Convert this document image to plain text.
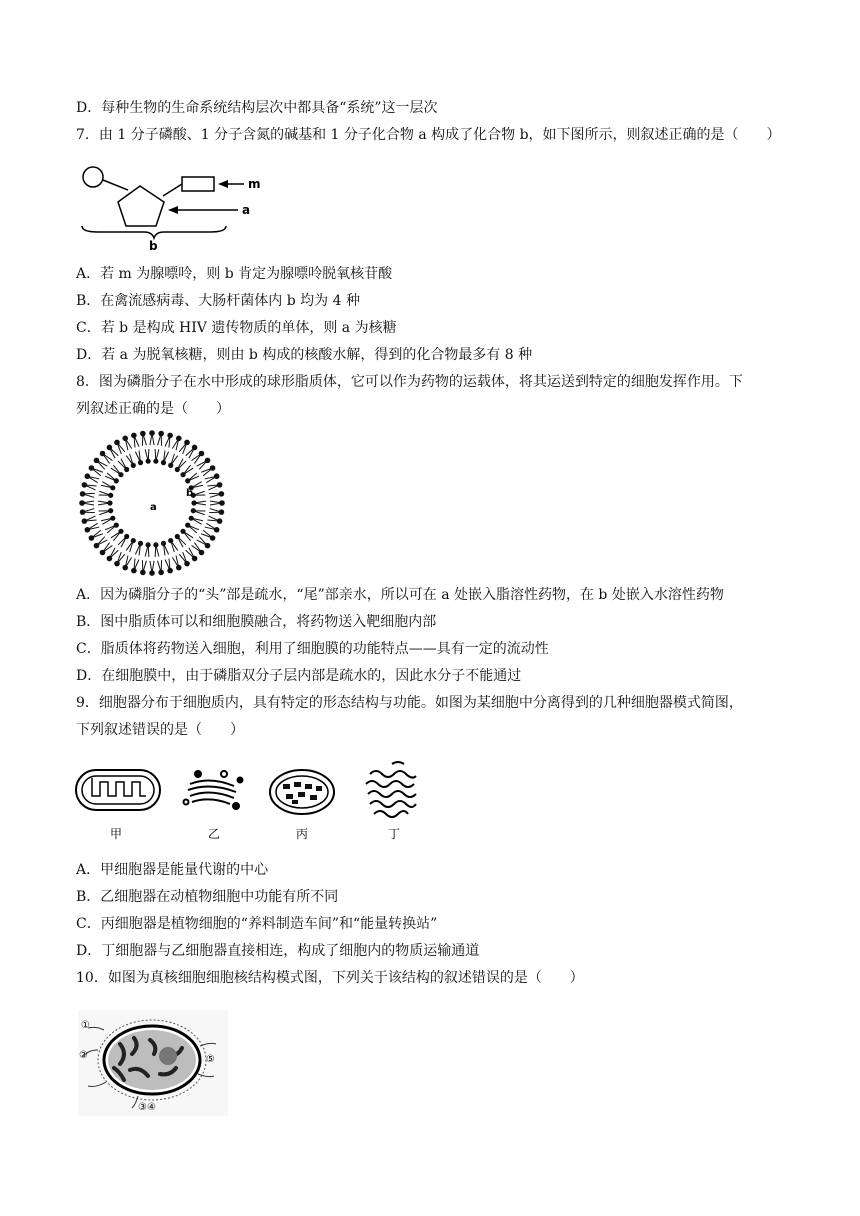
D．每种生物的生命系统结构层次中都具备“系统”这一层次
7．由 1 分子磷酸、1 分子含氮的碱基和 1 分子化合物 a 构成了化合物 b，如下图所示，则叙述正确的是（　　）
m
a
b
A．若 m 为腺嘌呤，则 b 肯定为腺嘌呤脱氧核苷酸
B．在禽流感病毒、大肠杆菌体内 b 均为 4 种
C．若 b 是构成 HIV 遗传物质的单体，则 a 为核糖
D．若 a 为脱氧核糖，则由 b 构成的核酸水解，得到的化合物最多有 8 种
8．图为磷脂分子在水中形成的球形脂质体，它可以作为药物的运载体，将其运送到特定的细胞发挥作用。下
列叙述正确的是（　　）
a
b
A．因为磷脂分子的“头”部是疏水，“尾”部亲水，所以可在 a 处嵌入脂溶性药物，在 b 处嵌入水溶性药物
B．图中脂质体可以和细胞膜融合，将药物送入靶细胞内部
C．脂质体将药物送入细胞，利用了细胞膜的功能特点——具有一定的流动性
D．在细胞膜中，由于磷脂双分子层内部是疏水的，因此水分子不能通过
9．细胞器分布于细胞质内，具有特定的形态结构与功能。如图为某细胞中分离得到的几种细胞器模式简图，
下列叙述错误的是（　　）
甲	乙	丙	丁
A．甲细胞器是能量代谢的中心
B．乙细胞器在动植物细胞中功能有所不同
C．丙细胞器是植物细胞的“养料制造车间”和“能量转换站”
D．丁细胞器与乙细胞器直接相连，构成了细胞内的物质运输通道
10．如图为真核细胞细胞核结构模式图，下列关于该结构的叙述错误的是（　　）
①
②
③④
⑤
